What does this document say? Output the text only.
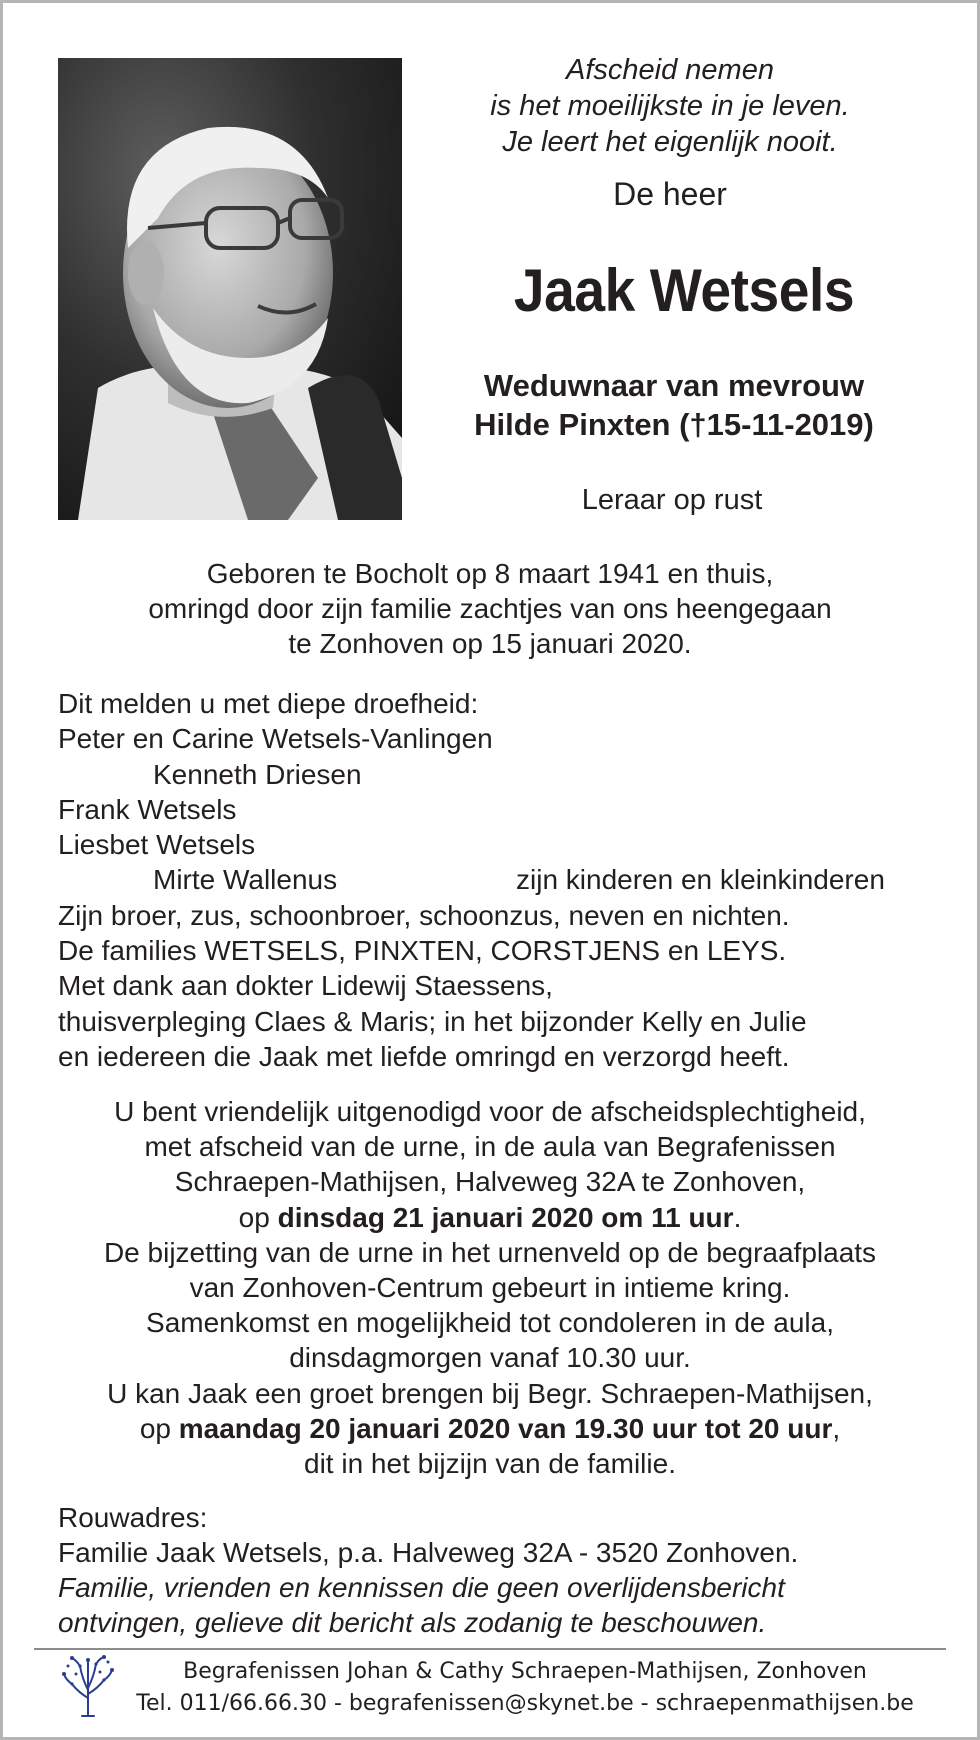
Afscheid nemen
is het moeilijkste in je leven.
Je leert het eigenlijk nooit.
De heer
Jaak Wetsels
Weduwnaar van mevrouw
Hilde Pinxten (†15-11-2019)
Leraar op rust
Geboren te Bocholt op 8 maart 1941 en thuis,
omringd door zijn familie zachtjes van ons heengegaan
te Zonhoven op 15 januari 2020.
Dit melden u met diepe droefheid:
Peter en Carine Wetsels-Vanlingen
Kenneth Driesen
Frank Wetsels
Liesbet Wetsels
Mirte Wallenus	zijn kinderen en kleinkinderen
Zijn broer, zus, schoonbroer, schoonzus, neven en nichten.
De families WETSELS, PINXTEN, CORSTJENS en LEYS.
Met dank aan dokter Lidewij Staessens,
thuisverpleging Claes & Maris; in het bijzonder Kelly en Julie
en iedereen die Jaak met liefde omringd en verzorgd heeft.
U bent vriendelijk uitgenodigd voor de afscheidsplechtigheid,
met afscheid van de urne, in de aula van Begrafenissen
Schraepen-Mathijsen, Halveweg 32A te Zonhoven,
op dinsdag 21 januari 2020 om 11 uur.
De bijzetting van de urne in het urnenveld op de begraafplaats
van Zonhoven-Centrum gebeurt in intieme kring.
Samenkomst en mogelijkheid tot condoleren in de aula,
dinsdagmorgen vanaf 10.30 uur.
U kan Jaak een groet brengen bij Begr. Schraepen-Mathijsen,
op maandag 20 januari 2020 van 19.30 uur tot 20 uur,
dit in het bijzijn van de familie.
Rouwadres:
Familie Jaak Wetsels, p.a. Halveweg 32A - 3520 Zonhoven.
Familie, vrienden en kennissen die geen overlijdensbericht
ontvingen, gelieve dit bericht als zodanig te beschouwen.
Begrafenissen Johan & Cathy Schraepen-Mathijsen, Zonhoven
Tel. 011/66.66.30 - begrafenissen@skynet.be - schraepenmathijsen.be
